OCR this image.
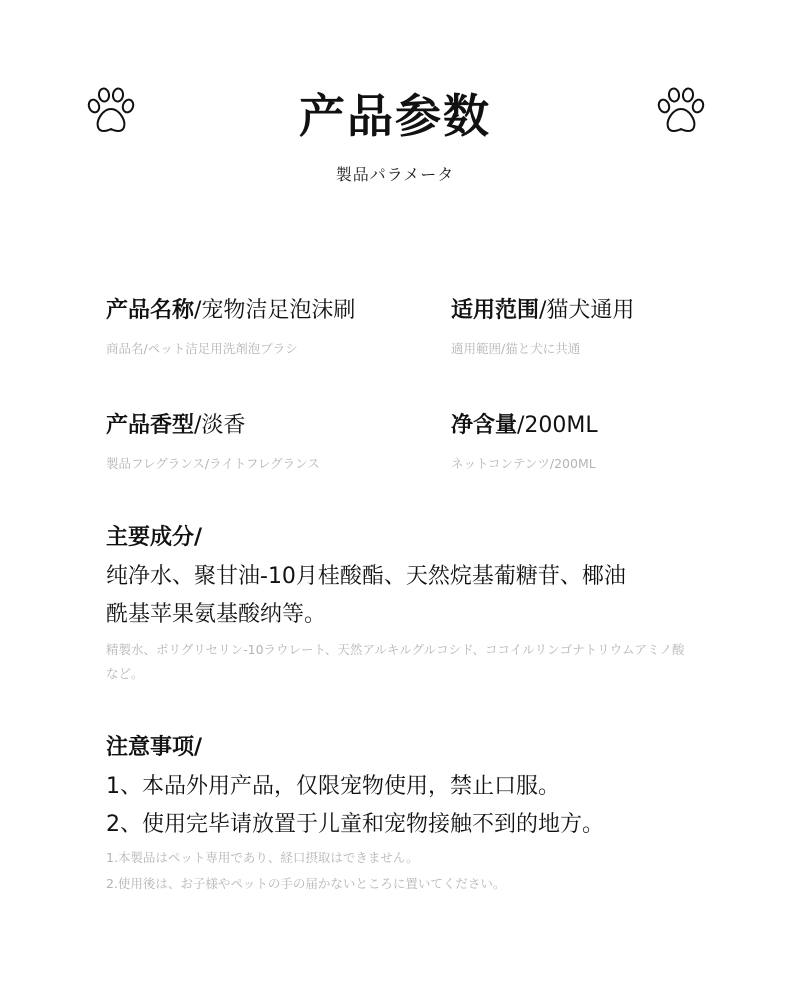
产品参数
製品パラメータ
产品名称/宠物洁足泡沫刷
商品名/ペット洁足用洗剤泡ブラシ
适用范围/猫犬通用
適用範囲/猫と犬に共通
产品香型/淡香
製品フレグランス/ライトフレグランス
净含量/200ML
ネットコンテンツ/200ML
主要成分/
纯净水、聚甘油-10月桂酸酯、天然烷基葡糖苷、椰油
酰基苹果氨基酸纳等。
精製水、ポリグリセリン-10ラウレート、天然アルキルグルコシド、ココイルリンゴナトリウムアミノ酸など。
注意事项/
1、本品外用产品，仅限宠物使用，禁止口服。
2、使用完毕请放置于儿童和宠物接触不到的地方。
1.本製品はペット専用であり、経口摂取はできません。
2.使用後は、お子様やペットの手の届かないところに置いてください。
